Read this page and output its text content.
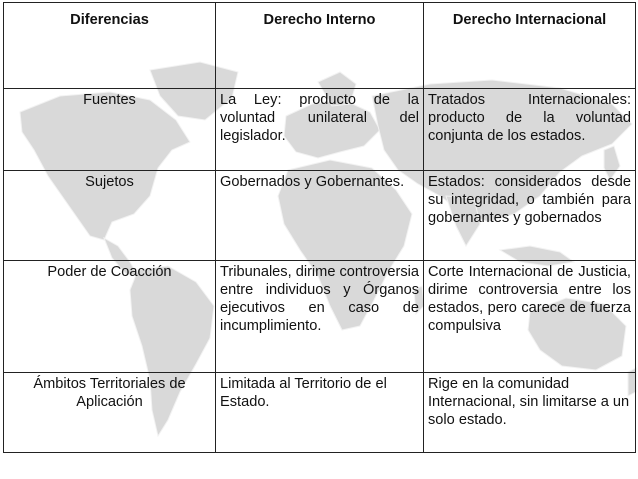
Diferencias	Derecho Interno	Derecho Internacional
Fuentes	La Ley: producto de la voluntad unilateral del legislador.	Tratados Internacionales: producto de la voluntad conjunta de los estados.
Sujetos	Gobernados y Gobernantes.	Estados: considerados desde su integridad, o también para gobernantes y gobernados
Poder de Coacción	Tribunales, dirime controversia entre individuos y Órganos ejecutivos en caso de incumplimiento.	Corte Internacional de Justicia, dirime controversia entre los estados, pero carece de fuerza compulsiva
Ámbitos Territoriales de Aplicación	Limitada al Territorio de el Estado.	Rige en la comunidad Internacional, sin limitarse a un solo estado.
